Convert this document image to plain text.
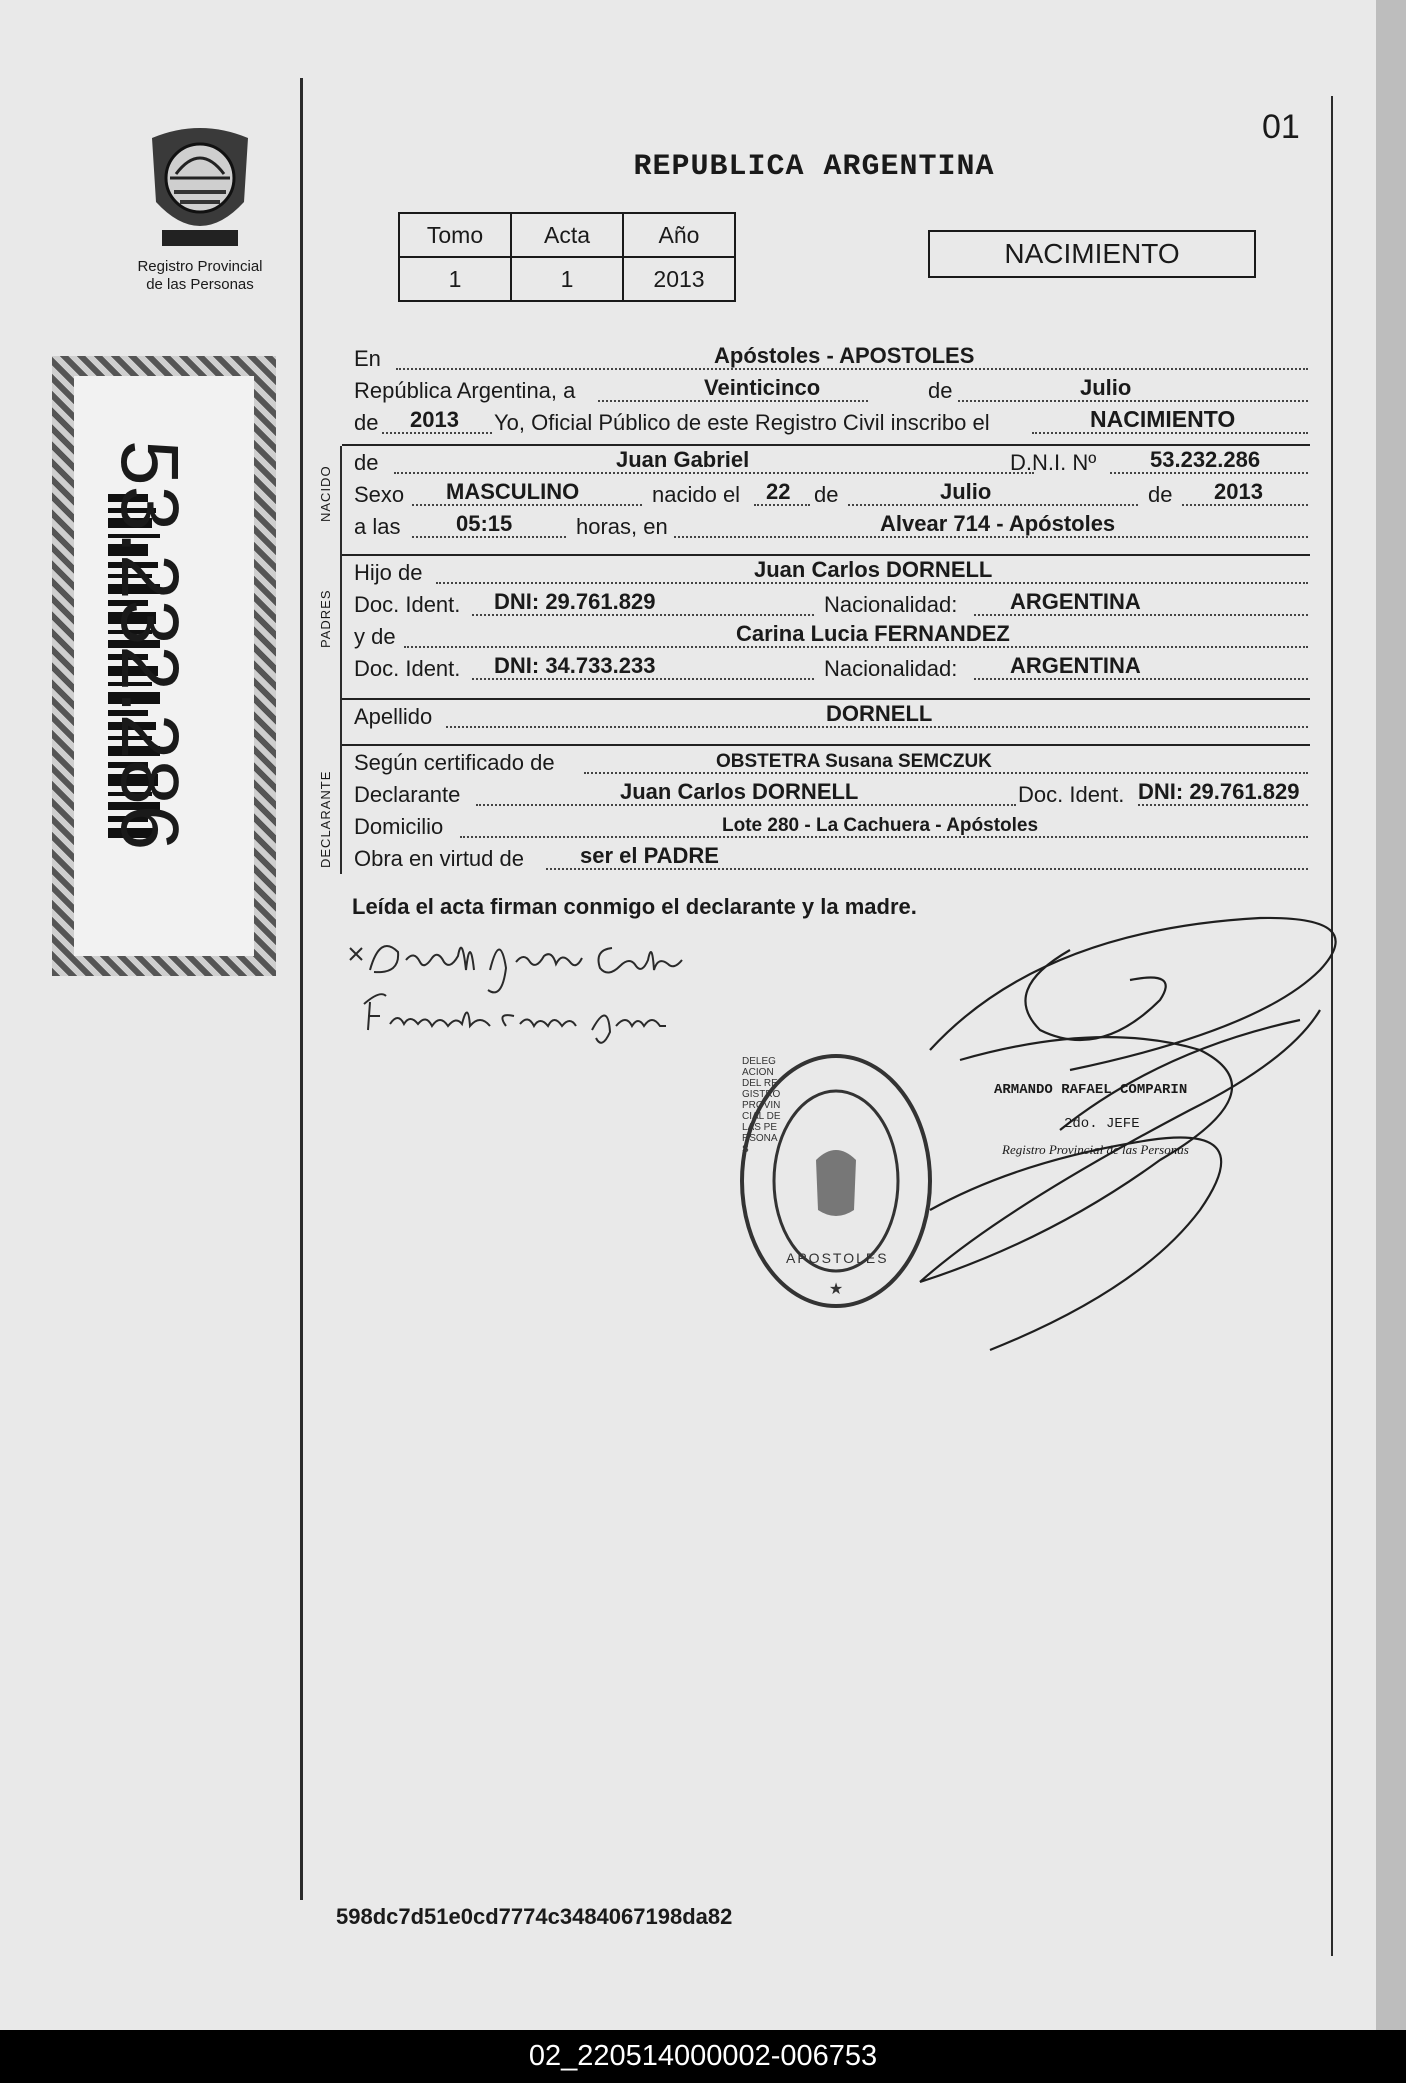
01
REPUBLICA ARGENTINA
Registro Provincial
de las Personas
Tomo	Acta	Año
1	1	2013
NACIMIENTO
53.232.286	NACIDO
PADRES
DECLARANTE
En	Apóstoles - APOSTOLES
República Argentina, a	Veinticinco	de	Julio
de 2013 Yo, Oficial Público de este Registro Civil inscribo el	NACIMIENTO
de	Juan Gabriel	D.N.I. Nº 53.232.286
Sexo MASCULINO	nacido el 22 de	Julio	de 2013
a las	05:15	horas, en	Alvear 714 - Apóstoles
Hijo de	Juan Carlos DORNELL
Doc. Ident. DNI: 29.761.829	Nacionalidad: ARGENTINA
y de	Carina Lucia FERNANDEZ
Doc. Ident. DNI: 34.733.233	Nacionalidad: ARGENTINA
Apellido	DORNELL
Según certificado de	OBSTETRA Susana SEMCZUK
Declarante	Juan Carlos DORNELL	Doc. Ident. DNI: 29.761.829
Domicilio	Lote 280 - La Cachuera - Apóstoles
Obra en virtud de	ser el PADRE
Leída el acta firman conmigo el declarante y la madre.
★
DELEGACION DEL REGISTRO PROVINCIAL DE LAS PERSONAS
APOSTOLES
ARMANDO RAFAEL COMPARIN
2do. JEFE
Registro Provincial de las Personas
598dc7d51e0cd7774c3484067198da82
02_220514000002-006753
